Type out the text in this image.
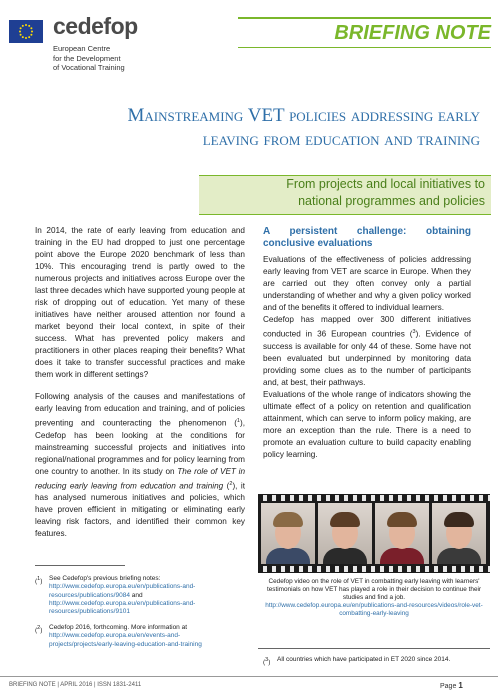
cedefop
European Centre
for the Development
of Vocational Training
BRIEFING NOTE
Mainstreaming VET policies addressing early
leaving from education and training
From projects and local initiatives to
national programmes and policies

In 2014, the rate of early leaving from education and training in the EU had dropped to just one percentage point above the Europe 2020 benchmark of less than 10%. This encouraging trend is partly owed to the numerous projects and initiatives across Europe over the last three decades which have supported young people at risk of dropping out of education. Yet many of these initiatives have neither aroused attention nor found a market beyond their local context, in spite of their success. What has prevented policy makers and practitioners in other places reaping their benefits? What does it take to transfer successful practices and make them work in different settings?

Following analysis of the causes and manifestations of early leaving from education and training, and of policies preventing and counteracting the phenomenon ($^1$), Cedefop has been looking at the conditions for mainstreaming successful projects and initiatives into regional/national programmes and for policy learning from one country to another. In its study on The role of VET in reducing early leaving from education and training ($^2$), it has analysed numerous initiatives and policies, which have proven efficient in mitigating or eliminating early leaving risk factors, and identified their common key features.

A persistent challenge: obtaining conclusive evaluations

Evaluations of the effectiveness of policies addressing early leaving from VET are scarce in Europe. When they are carried out they often convey only a partial understanding of whether and why a given policy worked and of the benefits it offered to individual learners.

Cedefop has mapped over 300 different initiatives conducted in 36 European countries ($^3$). Evidence of success is available for only 44 of these. Some have not been evaluated but underpinned by monitoring data providing some clues as to the number of participants and, at best, their pathways.

Evaluations of the whole range of indicators showing the ultimate effect of a policy on retention and qualification attainment, which can serve to inform policy making, are more an exception than the rule. There is a need to promote an evaluation culture to build capacity enabling policy learning.

Cedefop video on the role of VET in combatting early leaving with learners' testimonials on how VET has played a role in their decision to continue their studies and find a job.
http://www.cedefop.europa.eu/en/publications-and-resources/videos/role-vet-combatting-early-leaving
($^1$) See Cedefop's previous briefing notes:
http://www.cedefop.europa.eu/en/publications-and-resources/publications/9084 and
http://www.cedefop.europa.eu/en/publications-and-resources/publications/9101
($^2$) Cedefop 2016, forthcoming. More information at
http://www.cedefop.europa.eu/en/events-and-projects/projects/early-leaving-education-and-training
($^3$) All countries which have participated in ET 2020 since 2014.
BRIEFING NOTE | APRIL 2016 | ISSN 1831-2411	Page 1
